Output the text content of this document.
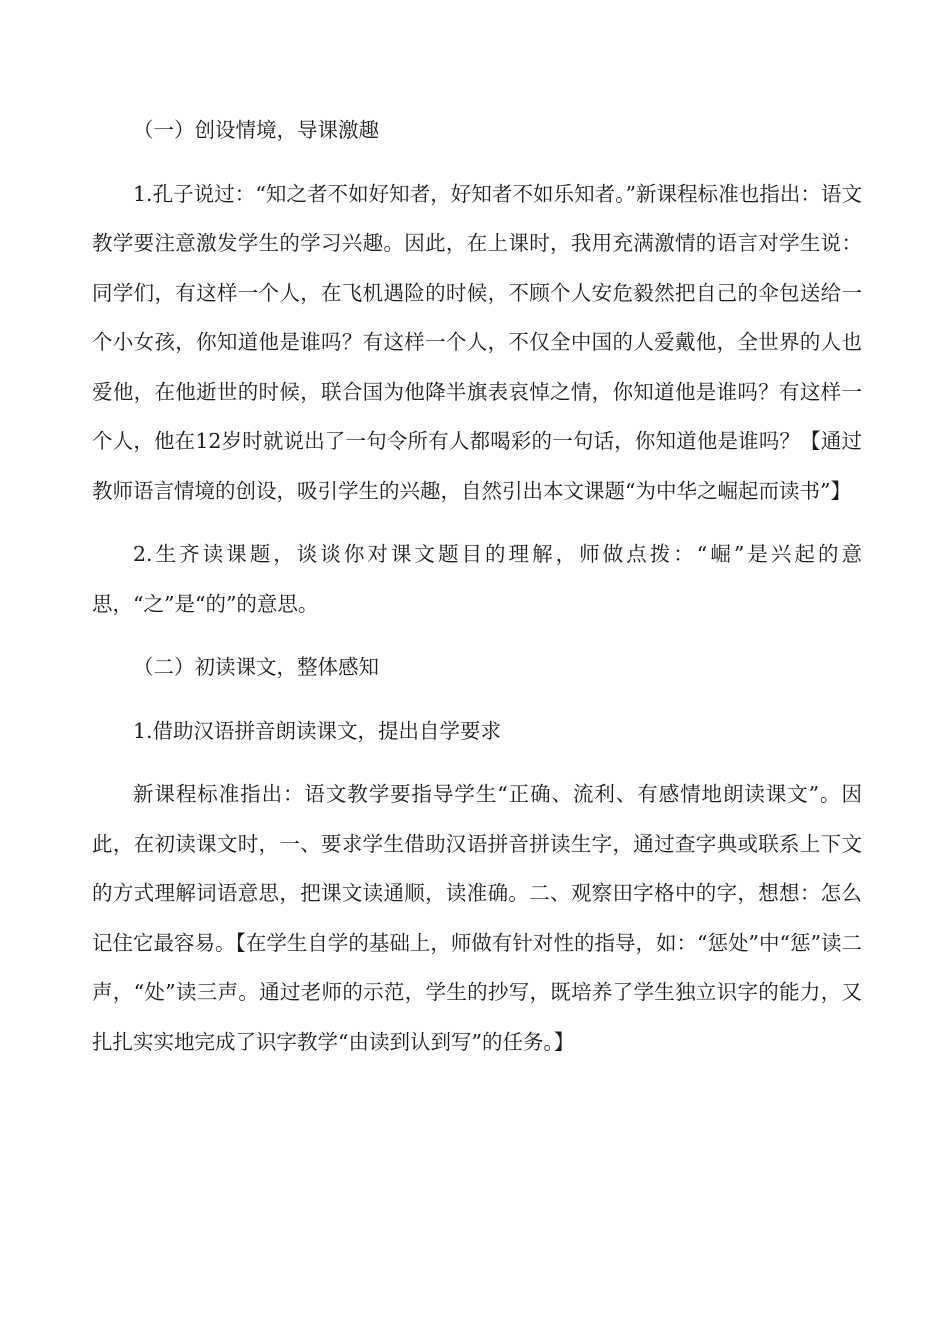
（一）创设情境，导课激趣

1.孔子说过：“知之者不如好知者，好知者不如乐知者。”新课程标准也指出：语文教学要注意激发学生的学习兴趣。因此，在上课时，我用充满激情的语言对学生说：同学们，有这样一个人，在飞机遇险的时候，不顾个人安危毅然把自己的伞包送给一个小女孩，你知道他是谁吗？有这样一个人，不仅全中国的人爱戴他，全世界的人也爱他，在他逝世的时候，联合国为他降半旗表哀悼之情，你知道他是谁吗？有这样一个人，他在12岁时就说出了一句令所有人都喝彩的一句话，你知道他是谁吗？【通过教师语言情境的创设，吸引学生的兴趣，自然引出本文课题“为中华之崛起而读书”】

2.生齐读课题，谈谈你对课文题目的理解，师做点拨：“崛”是兴起的意思，“之”是“的”的意思。

（二）初读课文，整体感知

1.借助汉语拼音朗读课文，提出自学要求

新课程标准指出：语文教学要指导学生“正确、流利、有感情地朗读课文”。因此，在初读课文时，一、要求学生借助汉语拼音拼读生字，通过查字典或联系上下文的方式理解词语意思，把课文读通顺，读准确。二、观察田字格中的字，想想：怎么记住它最容易。【在学生自学的基础上，师做有针对性的指导，如：“惩处”中“惩”读二声，“处”读三声。通过老师的示范，学生的抄写，既培养了学生独立识字的能力，又扎扎实实地完成了识字教学“由读到认到写”的任务。】
